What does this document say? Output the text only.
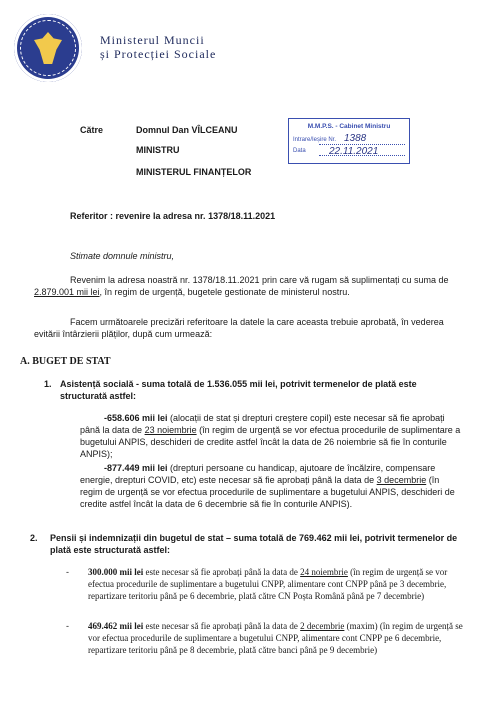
Ministerul Muncii
și Protecției Sociale
Către	Domnul Dan VÎLCEANU
MINISTRU
MINISTERUL FINANȚELOR
M.M.P.S. - Cabinet Ministru
Intrare/Ieșire Nr. 1388
Data 22.11.2021
Referitor : revenire la adresa nr. 1378/18.11.2021
Stimate domnule ministru,
Revenim la adresa noastră nr. 1378/18.11.2021 prin care vă rugam să suplimentați cu suma de 2.879.001 mii lei, în regim de urgență, bugetele gestionate de ministerul nostru.
Facem următoarele precizări referitoare la datele la care aceasta trebuie aprobată, în vederea evitării întârzierii plăților, după cum urmează:
A. BUGET DE STAT
1. Asistență socială - suma totală de 1.536.055 mii lei, potrivit termenelor de plată este structurată astfel:
-658.606 mii lei (alocații de stat și drepturi creștere copil) este necesar să fie aprobați până la data de 23 noiembrie (în regim de urgență se vor efectua procedurile de suplimentare a bugetului ANPIS, deschideri de credite astfel încât la data de 26 noiembrie să fie în conturile ANPIS);
-877.449 mii lei (drepturi persoane cu handicap, ajutoare de încălzire, compensare energie, drepturi COVID, etc) este necesar să fie aprobați până la data de 3 decembrie (în regim de urgență se vor efectua procedurile de suplimentare a bugetului ANPIS, deschideri de credite astfel încât la data de 6 decembrie să fie în conturile ANPIS).
2. Pensii și indemnizații din bugetul de stat – suma totală de 769.462 mii lei, potrivit termenelor de plată este structurată astfel:
- 300.000 mii lei este necesar să fie aprobați până la data de 24 noiembrie (în regim de urgență se vor efectua procedurile de suplimentare a bugetului CNPP, alimentare cont CNPP până pe 3 decembrie, repartizare teritoriu până pe 6 decembrie, plată către CN Poșta Română până pe 7 decembrie)
- 469.462 mii lei este necesar să fie aprobați până la data de 2 decembrie (maxim) (în regim de urgență se vor efectua procedurile de suplimentare a bugetului CNPP, alimentare cont CNPP pe 6 decembrie, repartizare teritoriu până pe 8 decembrie, plată către banci până pe 9 decembrie)
